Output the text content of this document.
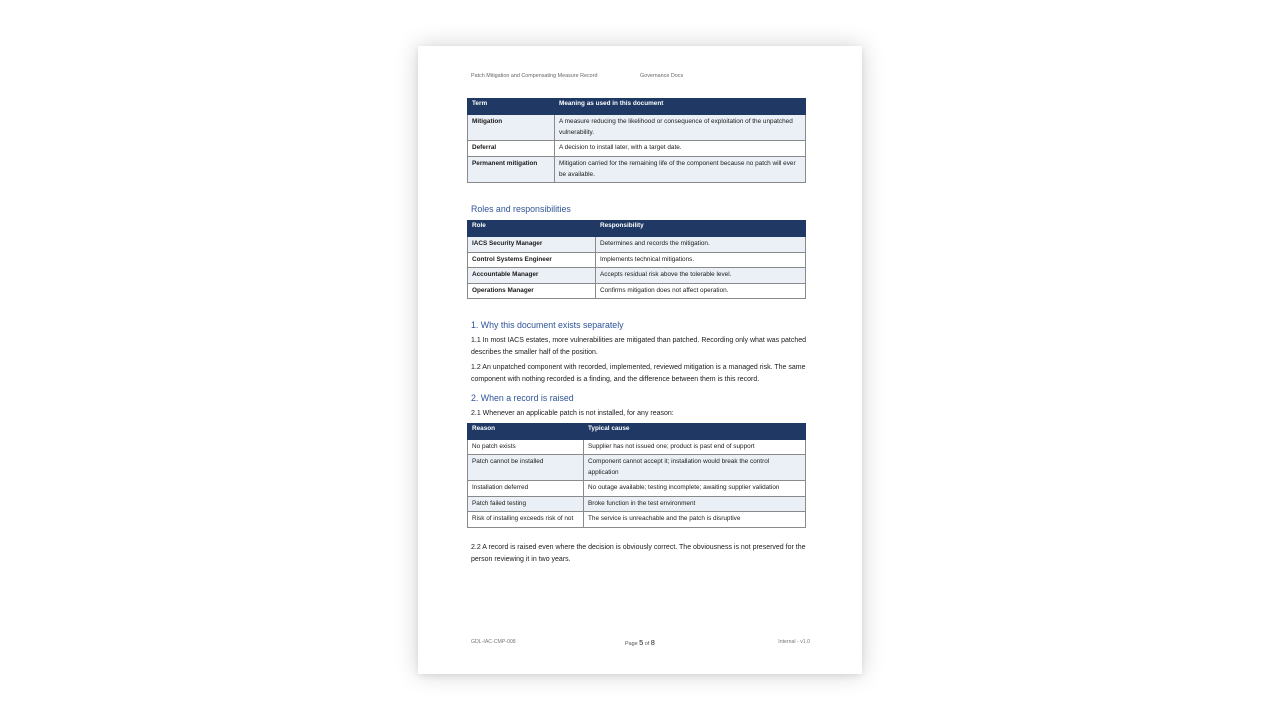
Patch Mitigation and Compensating Measure Record	Governance Docs
Term	Meaning as used in this document
Mitigation	A measure reducing the likelihood or consequence of exploitation of the unpatched vulnerability.
Deferral	A decision to install later, with a target date.
Permanent mitigation	Mitigation carried for the remaining life of the component because no patch will ever be available.
Roles and responsibilities
Role	Responsibility
IACS Security Manager	Determines and records the mitigation.
Control Systems Engineer	Implements technical mitigations.
Accountable Manager	Accepts residual risk above the tolerable level.
Operations Manager	Confirms mitigation does not affect operation.
1. Why this document exists separately

1.1 In most IACS estates, more vulnerabilities are mitigated than patched. Recording only what was patched describes the smaller half of the position.

1.2 An unpatched component with recorded, implemented, reviewed mitigation is a managed risk. The same component with nothing recorded is a finding, and the difference between them is this record.

2. When a record is raised

2.1 Whenever an applicable patch is not installed, for any reason:

Reason	Typical cause
No patch exists	Supplier has not issued one; product is past end of support
Patch cannot be installed	Component cannot accept it; installation would break the control application
Installation deferred	No outage available; testing incomplete; awaiting supplier validation
Patch failed testing	Broke function in the test environment
Risk of installing exceeds risk of not	The service is unreachable and the patch is disruptive

2.2 A record is raised even where the decision is obviously correct. The obviousness is not preserved for the person reviewing it in two years.

GDL-IAC-CMP-008	Page 5 of 8	Internal - v1.0
